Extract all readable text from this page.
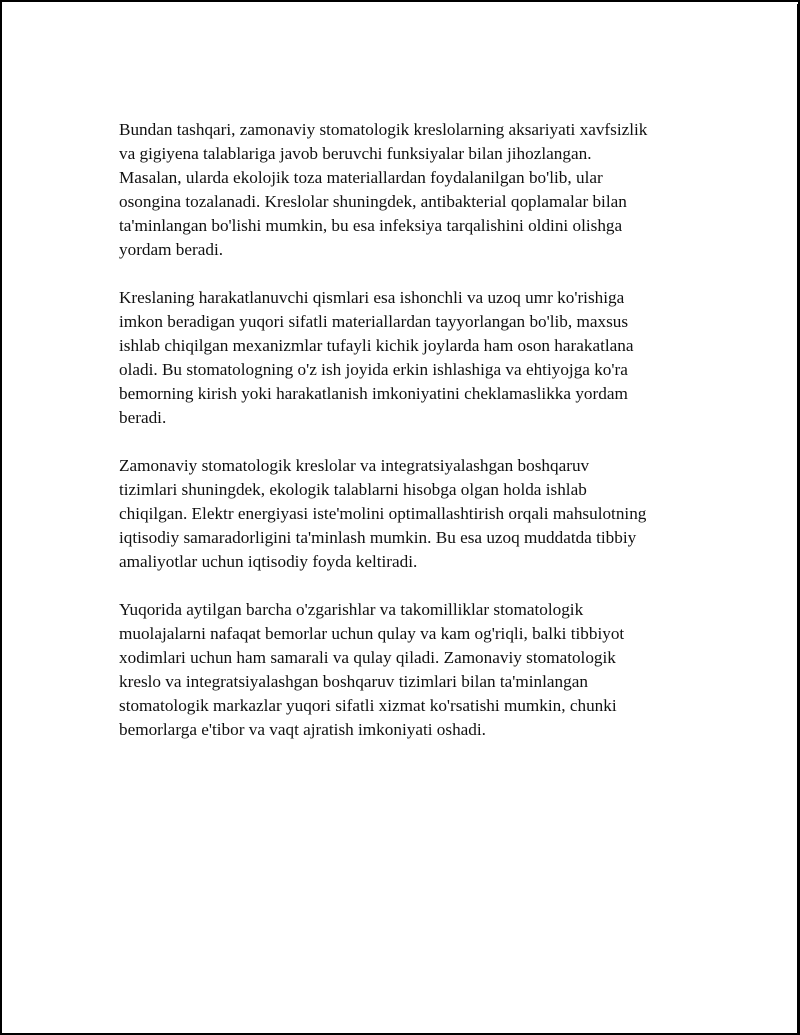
Bundan tashqari, zamonaviy stomatologik kreslolarning aksariyati xavfsizlik
va gigiyena talablariga javob beruvchi funksiyalar bilan jihozlangan.
Masalan, ularda ekolojik toza materiallardan foydalanilgan bo'lib, ular
osongina tozalanadi. Kreslolar shuningdek, antibakterial qoplamalar bilan
ta'minlangan bo'lishi mumkin, bu esa infeksiya tarqalishini oldini olishga
yordam beradi.

Kreslaning harakatlanuvchi qismlari esa ishonchli va uzoq umr ko'rishiga
imkon beradigan yuqori sifatli materiallardan tayyorlangan bo'lib, maxsus
ishlab chiqilgan mexanizmlar tufayli kichik joylarda ham oson harakatlana
oladi. Bu stomatologning o'z ish joyida erkin ishlashiga va ehtiyojga ko'ra
bemorning kirish yoki harakatlanish imkoniyatini cheklamaslikka yordam
beradi.

Zamonaviy stomatologik kreslolar va integratsiyalashgan boshqaruv
tizimlari shuningdek, ekologik talablarni hisobga olgan holda ishlab
chiqilgan. Elektr energiyasi iste'molini optimallashtirish orqali mahsulotning
iqtisodiy samaradorligini ta'minlash mumkin. Bu esa uzoq muddatda tibbiy
amaliyotlar uchun iqtisodiy foyda keltiradi.

Yuqorida aytilgan barcha o'zgarishlar va takomilliklar stomatologik
muolajalarni nafaqat bemorlar uchun qulay va kam og'riqli, balki tibbiyot
xodimlari uchun ham samarali va qulay qiladi. Zamonaviy stomatologik
kreslo va integratsiyalashgan boshqaruv tizimlari bilan ta'minlangan
stomatologik markazlar yuqori sifatli xizmat ko'rsatishi mumkin, chunki
bemorlarga e'tibor va vaqt ajratish imkoniyati oshadi.
